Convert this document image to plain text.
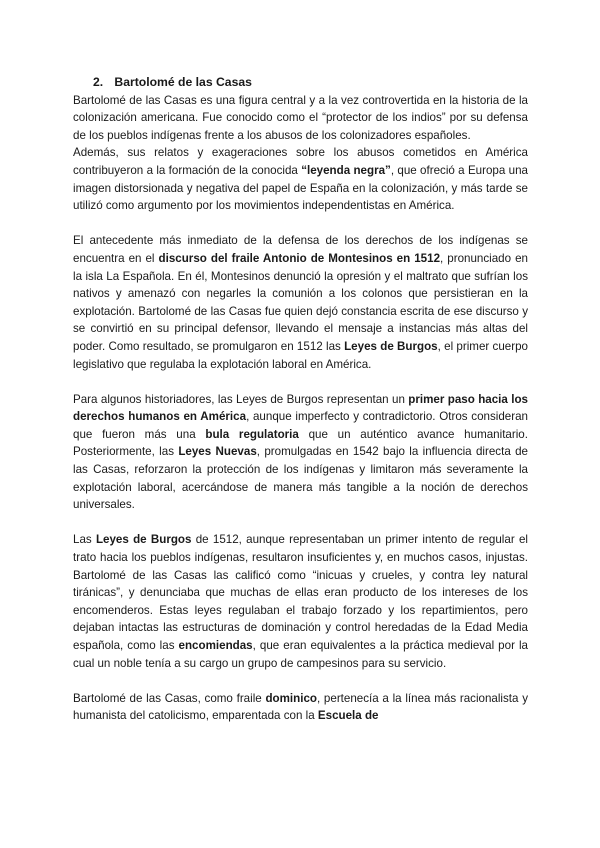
2. Bartolomé de las Casas

Bartolomé de las Casas es una figura central y a la vez controvertida en la historia de la colonización americana. Fue conocido como el “protector de los indios” por su defensa de los pueblos indígenas frente a los abusos de los colonizadores españoles.

Además, sus relatos y exageraciones sobre los abusos cometidos en América contribuyeron a la formación de la conocida “leyenda negra”, que ofreció a Europa una imagen distorsionada y negativa del papel de España en la colonización, y más tarde se utilizó como argumento por los movimientos independentistas en América.

El antecedente más inmediato de la defensa de los derechos de los indígenas se encuentra en el discurso del fraile Antonio de Montesinos en 1512, pronunciado en la isla La Española. En él, Montesinos denunció la opresión y el maltrato que sufrían los nativos y amenazó con negarles la comunión a los colonos que persistieran en la explotación. Bartolomé de las Casas fue quien dejó constancia escrita de ese discurso y se convirtió en su principal defensor, llevando el mensaje a instancias más altas del poder. Como resultado, se promulgaron en 1512 las Leyes de Burgos, el primer cuerpo legislativo que regulaba la explotación laboral en América.

Para algunos historiadores, las Leyes de Burgos representan un primer paso hacia los derechos humanos en América, aunque imperfecto y contradictorio. Otros consideran que fueron más una bula regulatoria que un auténtico avance humanitario. Posteriormente, las Leyes Nuevas, promulgadas en 1542 bajo la influencia directa de las Casas, reforzaron la protección de los indígenas y limitaron más severamente la explotación laboral, acercándose de manera más tangible a la noción de derechos universales.

Las Leyes de Burgos de 1512, aunque representaban un primer intento de regular el trato hacia los pueblos indígenas, resultaron insuficientes y, en muchos casos, injustas. Bartolomé de las Casas las calificó como “inicuas y crueles, y contra ley natural tiránicas”, y denunciaba que muchas de ellas eran producto de los intereses de los encomenderos. Estas leyes regulaban el trabajo forzado y los repartimientos, pero dejaban intactas las estructuras de dominación y control heredadas de la Edad Media española, como las encomiendas, que eran equivalentes a la práctica medieval por la cual un noble tenía a su cargo un grupo de campesinos para su servicio.

Bartolomé de las Casas, como fraile dominico, pertenecía a la línea más racionalista y humanista del catolicismo, emparentada con la Escuela de
